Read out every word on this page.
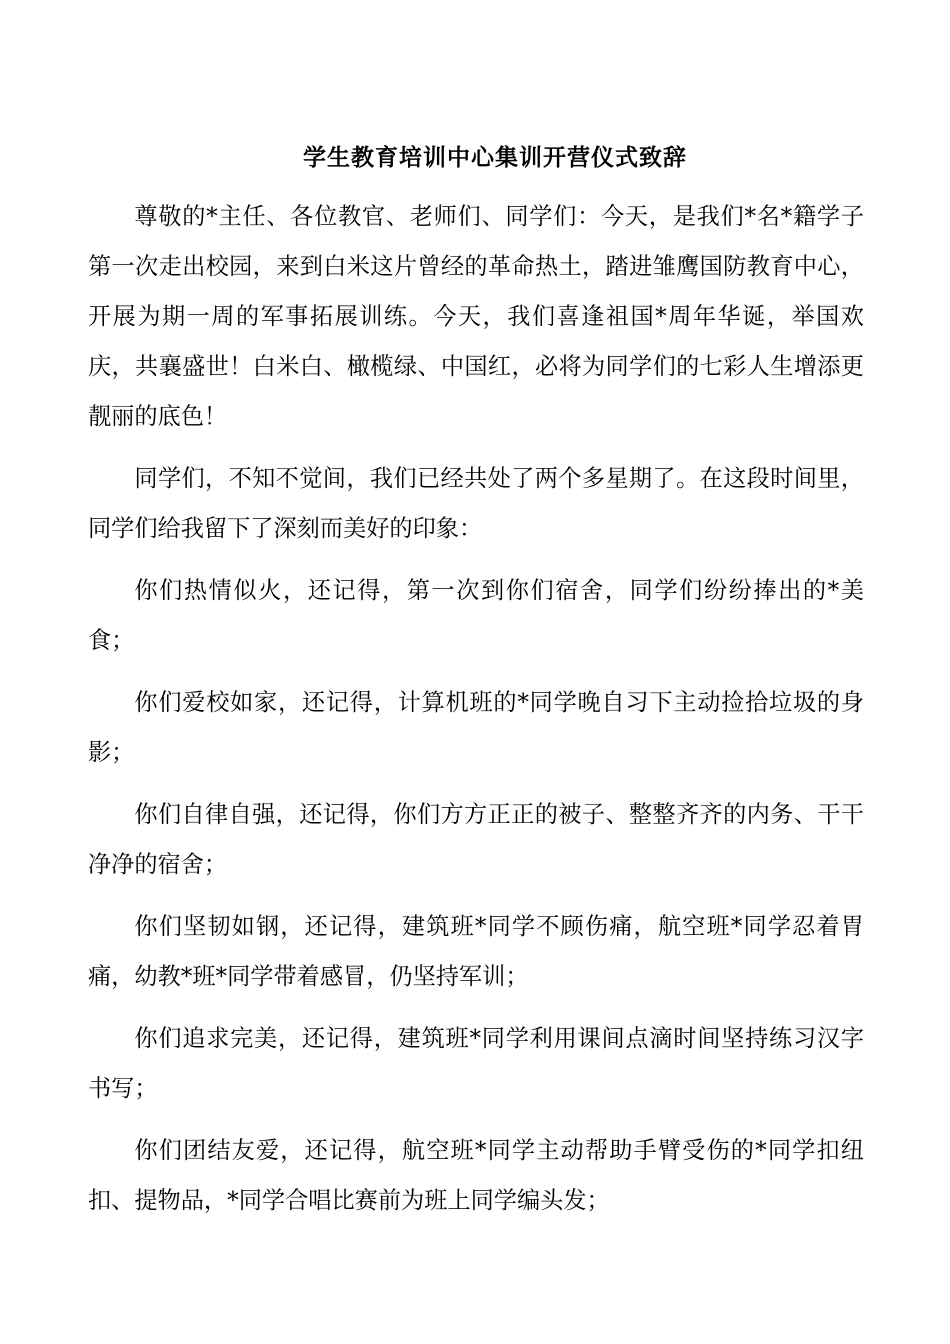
学生教育培训中心集训开营仪式致辞

尊敬的*主任、各位教官、老师们、同学们：今天，是我们*名*籍学子第一次走出校园，来到白米这片曾经的革命热土，踏进雏鹰国防教育中心，开展为期一周的军事拓展训练。今天，我们喜逢祖国*周年华诞，举国欢庆，共襄盛世！白米白、橄榄绿、中国红，必将为同学们的七彩人生增添更靓丽的底色！

同学们，不知不觉间，我们已经共处了两个多星期了。在这段时间里，同学们给我留下了深刻而美好的印象：

你们热情似火，还记得，第一次到你们宿舍，同学们纷纷捧出的*美食；

你们爱校如家，还记得，计算机班的*同学晚自习下主动捡拾垃圾的身影；

你们自律自强，还记得，你们方方正正的被子、整整齐齐的内务、干干净净的宿舍；

你们坚韧如钢，还记得，建筑班*同学不顾伤痛，航空班*同学忍着胃痛，幼教*班*同学带着感冒，仍坚持军训；

你们追求完美，还记得，建筑班*同学利用课间点滴时间坚持练习汉字书写；

你们团结友爱，还记得，航空班*同学主动帮助手臂受伤的*同学扣纽扣、提物品，*同学合唱比赛前为班上同学编头发；
